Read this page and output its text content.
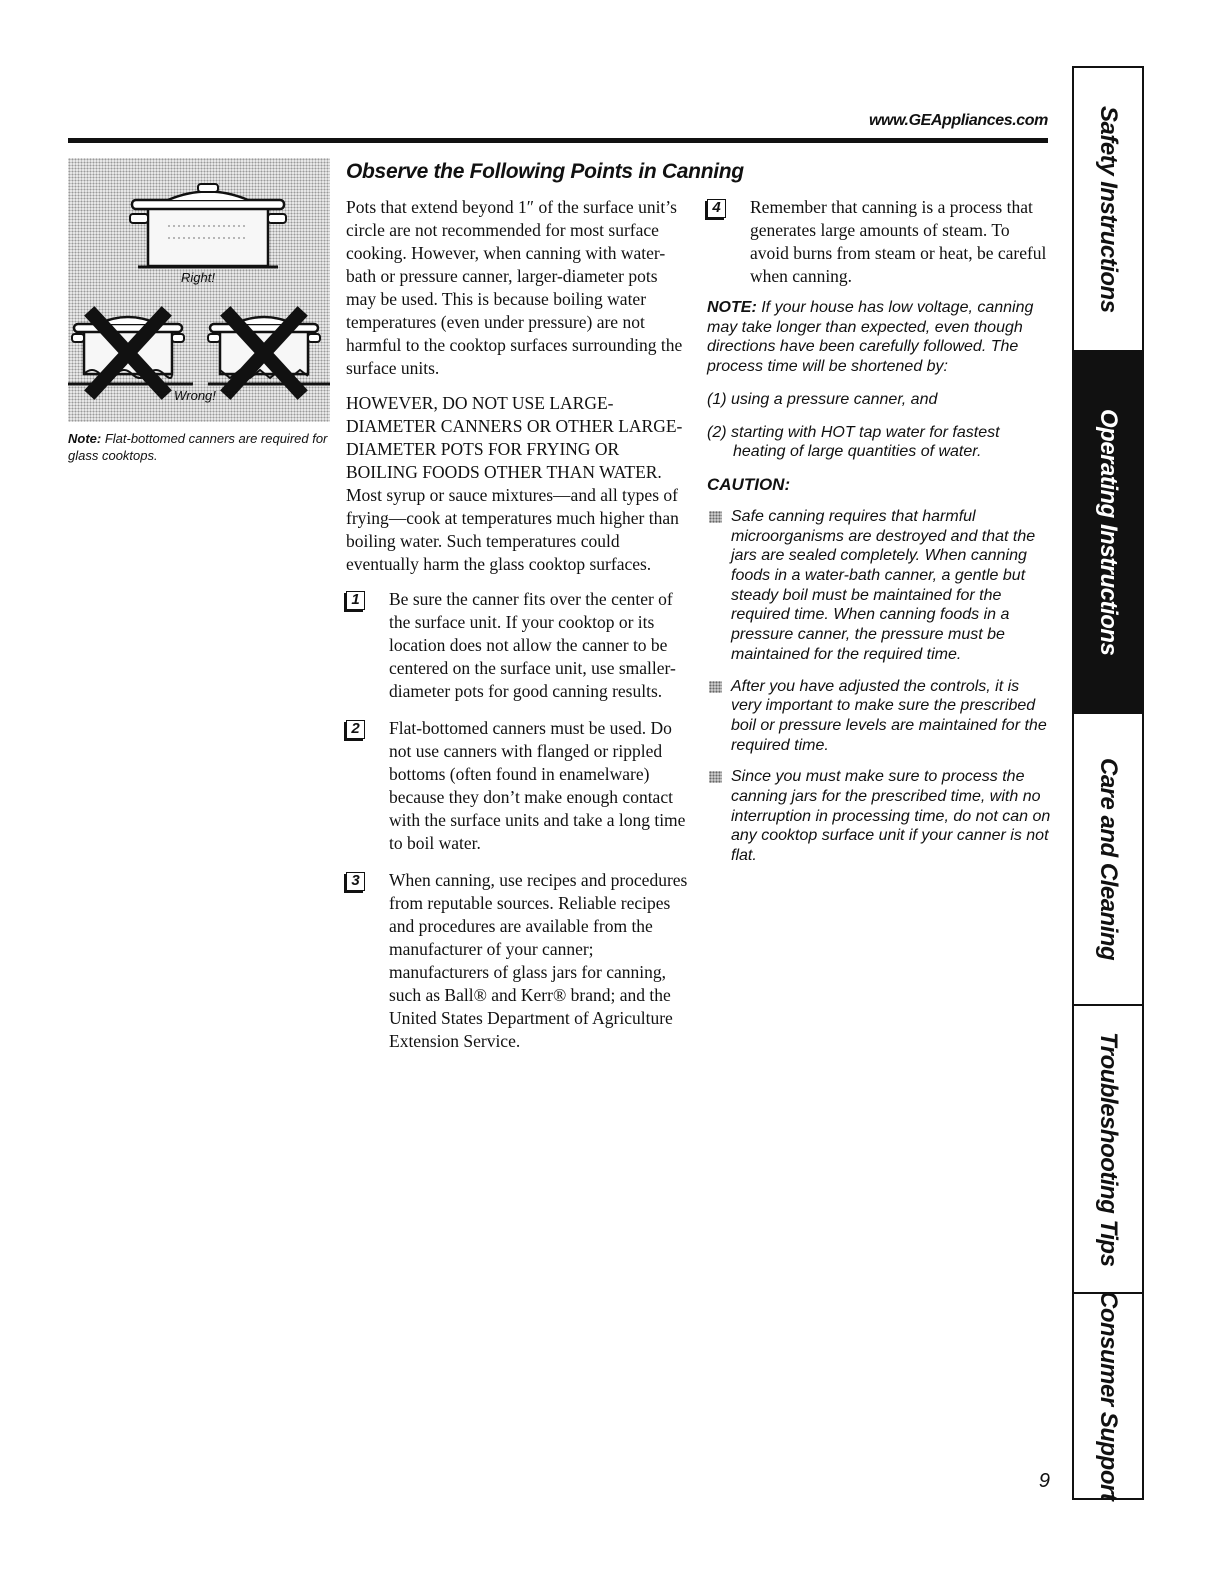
www.GEAppliances.com
Right!
Wrong!
Note: Flat-bottomed canners are required for glass cooktops.
Observe the Following Points in Canning

Pots that extend beyond 1″ of the surface unit’s circle are not recommended for most surface cooking. However, when canning with water-bath or pressure canner, larger-diameter pots may be used. This is because boiling water temperatures (even under pressure) are not harmful to the cooktop surfaces surrounding the surface units.

HOWEVER, DO NOT USE LARGE-DIAMETER CANNERS OR OTHER LARGE-DIAMETER POTS FOR FRYING OR BOILING FOODS OTHER THAN WATER. Most syrup or sauce mixtures—and all types of frying—cook at temperatures much higher than boiling water. Such temperatures could eventually harm the glass cooktop surfaces.

1	Be sure the canner fits over the center of the surface unit. If your cooktop or its location does not allow the canner to be centered on the surface unit, use smaller-diameter pots for good canning results.
2	Flat-bottomed canners must be used. Do not use canners with flanged or rippled bottoms (often found in enamelware) because they don’t make enough contact with the surface units and take a long time to boil water.
3	When canning, use recipes and procedures from reputable sources. Reliable recipes and procedures are available from the manufacturer of your canner; manufacturers of glass jars for canning, such as Ball® and Kerr® brand; and the United States Department of Agriculture Extension Service.
4	Remember that canning is a process that generates large amounts of steam. To avoid burns from steam or heat, be careful when canning.
NOTE: If your house has low voltage, canning may take longer than expected, even though directions have been carefully followed. The process time will be shortened by:
(1) using a pressure canner, and
(2) starting with HOT tap water for fastest heating of large quantities of water.
CAUTION:
Safe canning requires that harmful microorganisms are destroyed and that the jars are sealed completely. When canning foods in a water-bath canner, a gentle but steady boil must be maintained for the required time. When canning foods in a pressure canner, the pressure must be maintained for the required time.
After you have adjusted the controls, it is very important to make sure the prescribed boil or pressure levels are maintained for the required time.
Since you must make sure to process the canning jars for the prescribed time, with no interruption in processing time, do not can on any cooktop surface unit if your canner is not flat.
Safety Instructions
Operating Instructions
Care and Cleaning
Troubleshooting Tips
Consumer Support
9
